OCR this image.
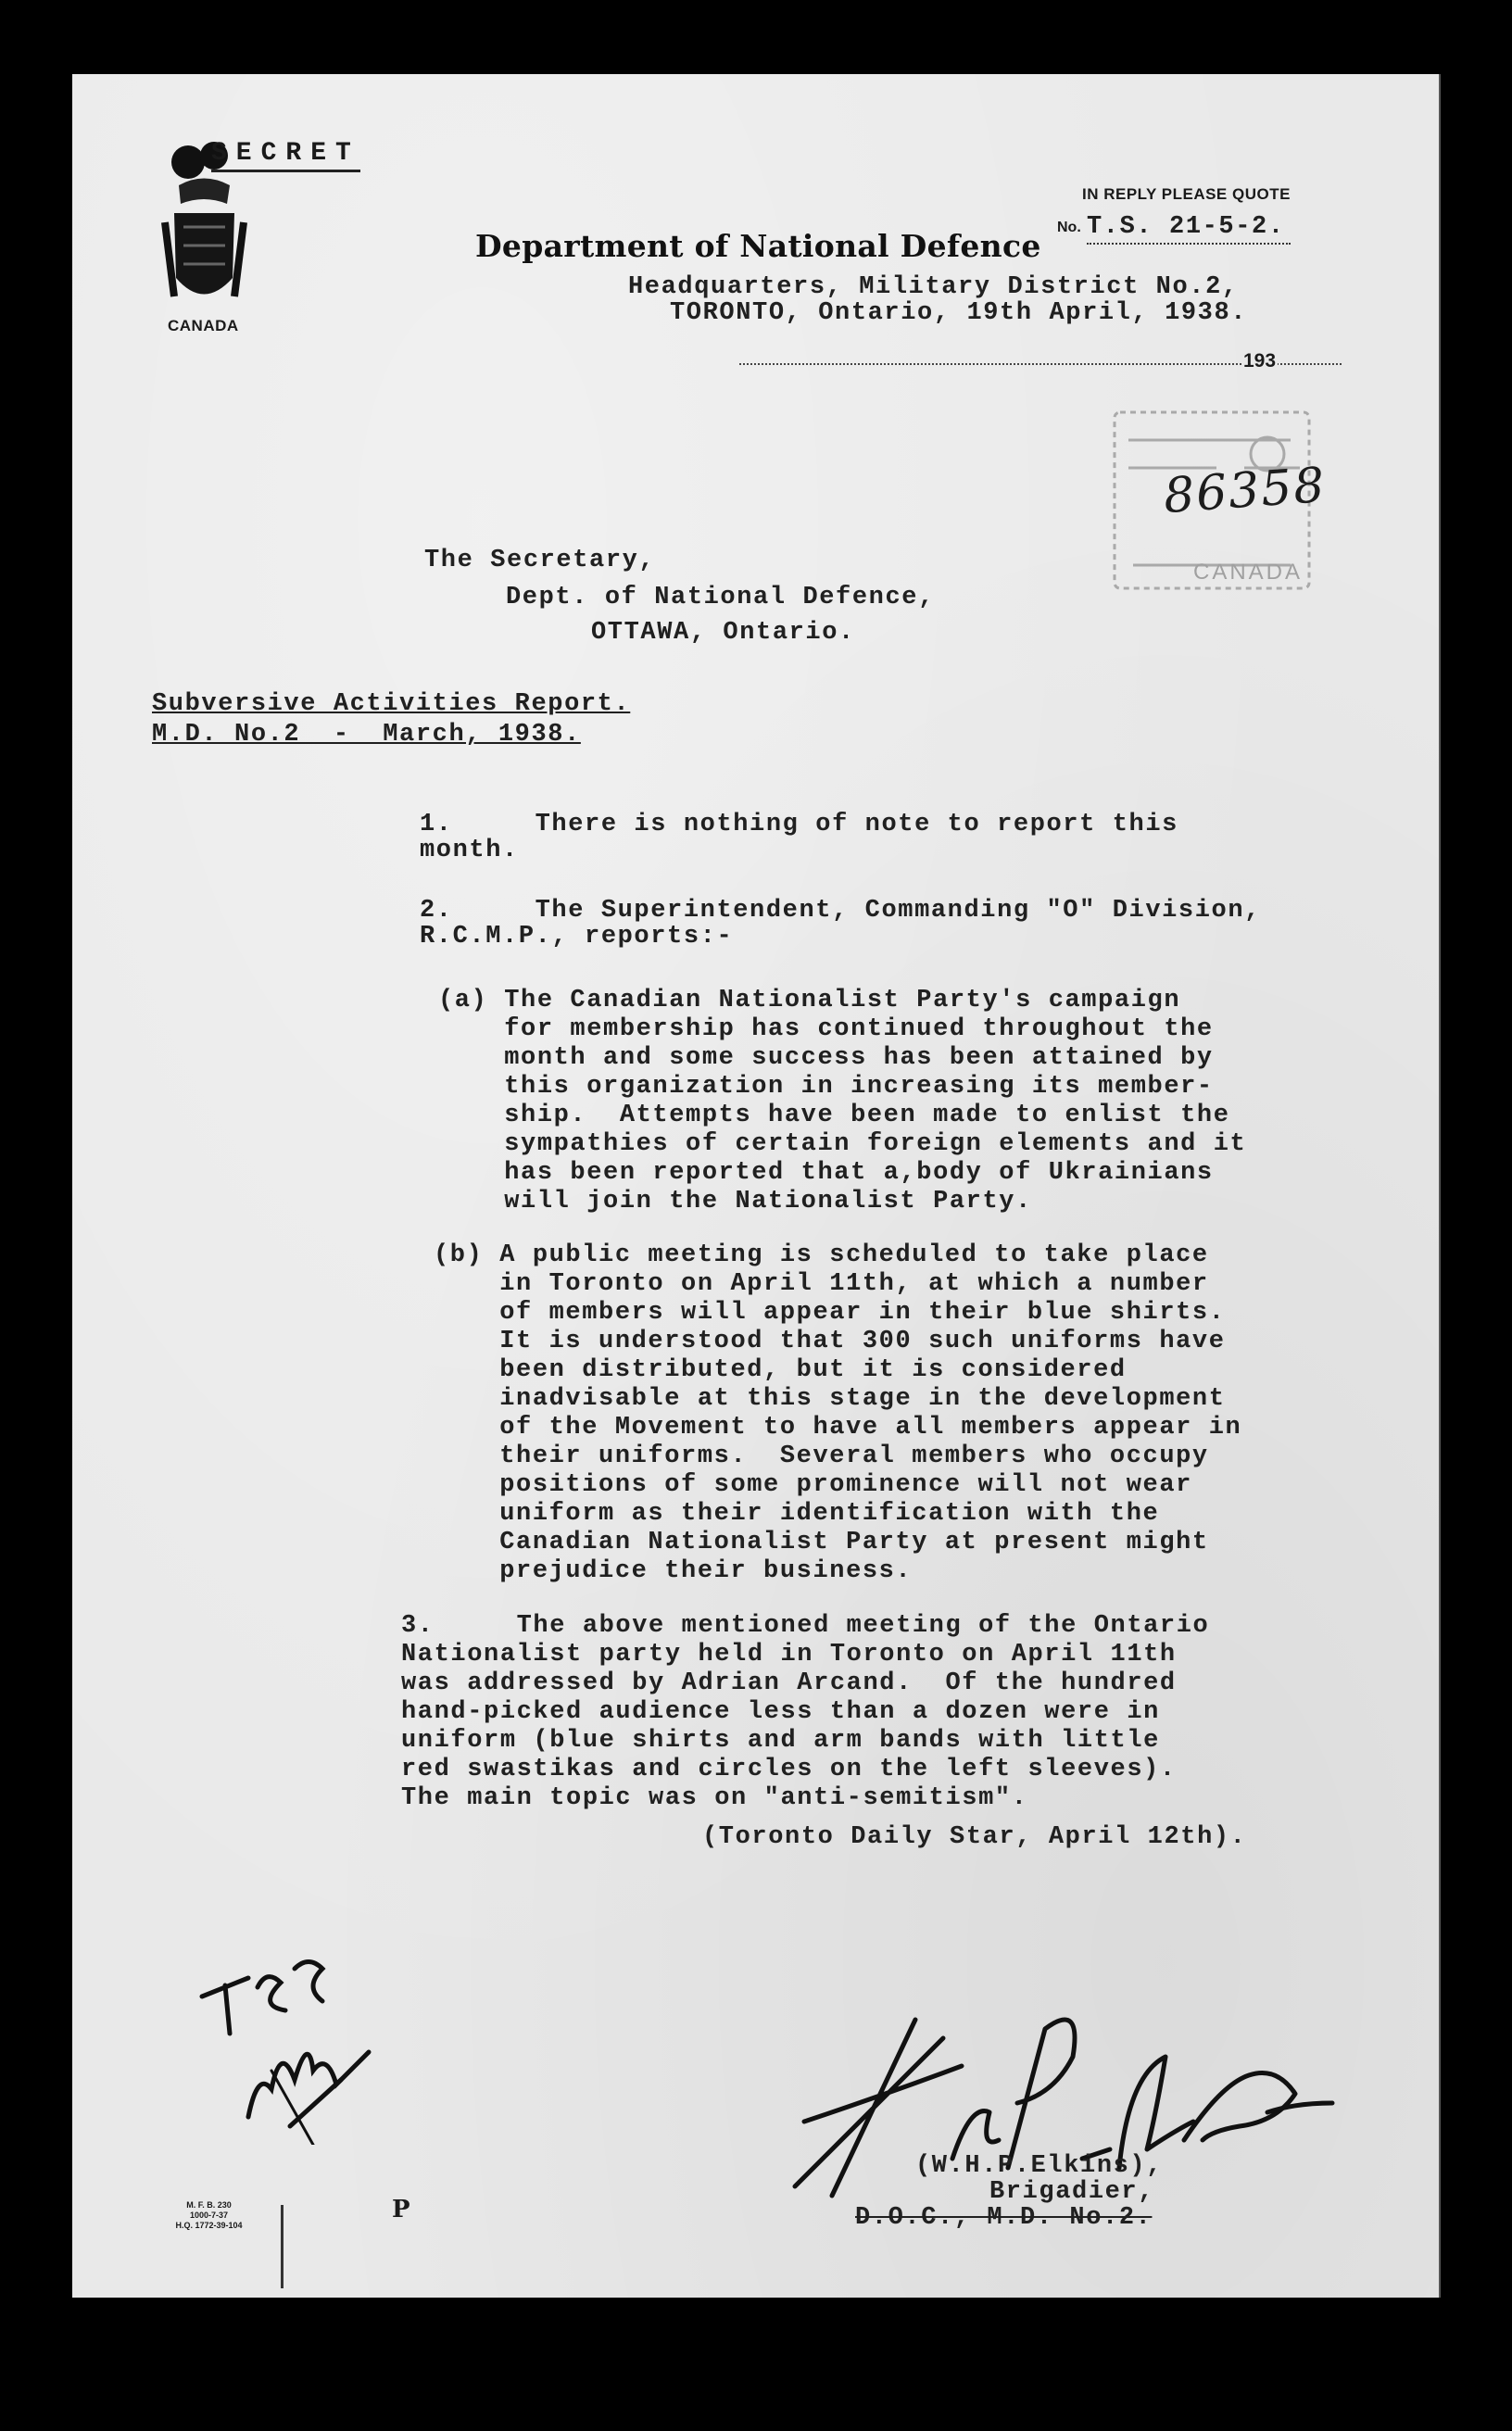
CANADA
SECRET
IN REPLY PLEASE QUOTE
No. T.S. 21-5-2.
Department of National Defence
Headquarters, Military District No.2,
TORONTO, Ontario, 19th April, 1938.
193
CANADA
86358
The Secretary,
Dept. of National Defence,
OTTAWA, Ontario.
Subversive Activities Report.
M.D. No.2  -  March, 1938.
1.     There is nothing of note to report this
month.
2.     The Superintendent, Commanding "O" Division,
R.C.M.P., reports:-
(a) The Canadian Nationalist Party's campaign
for membership has continued throughout the
month and some success has been attained by
this organization in increasing its member-
ship.  Attempts have been made to enlist the
sympathies of certain foreign elements and it
has been reported that a,body of Ukrainians
will join the Nationalist Party.
(b) A public meeting is scheduled to take place
in Toronto on April 11th, at which a number
of members will appear in their blue shirts.
It is understood that 300 such uniforms have
been distributed, but it is considered
inadvisable at this stage in the development
of the Movement to have all members appear in
their uniforms.  Several members who occupy
positions of some prominence will not wear
uniform as their identification with the
Canadian Nationalist Party at present might
prejudice their business.
3.     The above mentioned meeting of the Ontario
Nationalist party held in Toronto on April 11th
was addressed by Adrian Arcand.  Of the hundred
hand-picked audience less than a dozen were in
uniform (blue shirts and arm bands with little
red swastikas and circles on the left sleeves).
The main topic was on "anti-semitism".
(Toronto Daily Star, April 12th).
(W.H.P.Elkins),
Brigadier,
D.O.C., M.D. No.2.
M. F. B. 230
1000-7-37
H.Q. 1772-39-104
P
